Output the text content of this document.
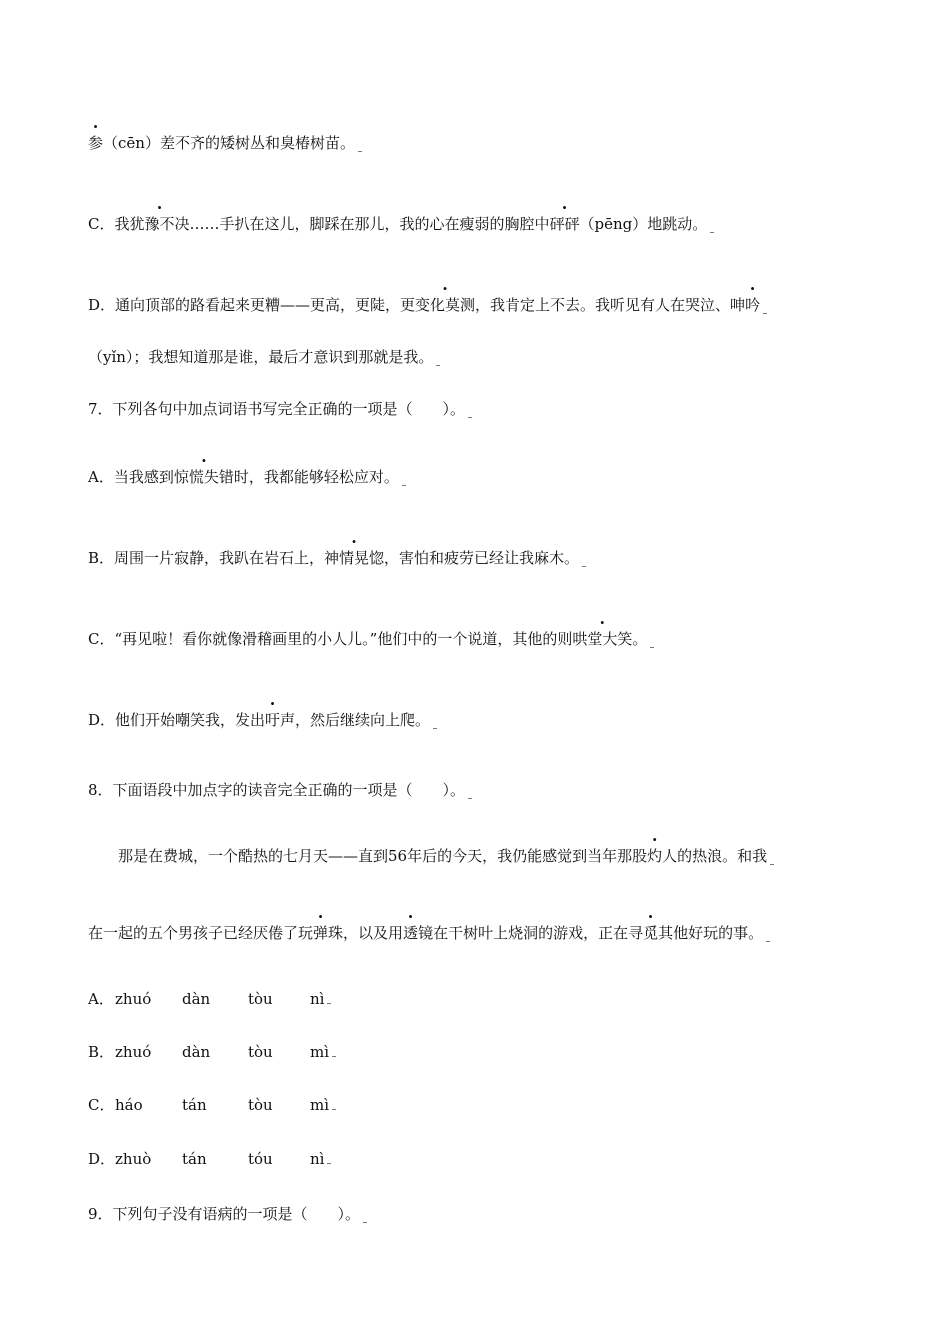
参（cēn）差不齐的矮树丛和臭椿树苗。
C．我犹豫不决……手扒在这儿，脚踩在那儿，我的心在瘦弱的胸腔中砰砰（pēng）地跳动。
D．通向顶部的路看起来更糟——更高，更陡，更变化莫测，我肯定上不去。我听见有人在哭泣、呻吟
（yǐn）；我想知道那是谁，最后才意识到那就是我。
7．下列各句中加点词语书写完全正确的一项是（　　）。
A．当我感到惊慌失错时，我都能够轻松应对。
B．周围一片寂静，我趴在岩石上，神情晃惚，害怕和疲劳已经让我麻木。
C．“再见啦！看你就像滑稽画里的小人儿。”他们中的一个说道，其他的则哄堂大笑。
D．他们开始嘲笑我，发出吁声，然后继续向上爬。
8．下面语段中加点字的读音完全正确的一项是（　　）。
那是在费城，一个酷热的七月天——直到56年后的今天，我仍能感觉到当年那股灼人的热浪。和我
在一起的五个男孩子已经厌倦了玩弹珠，以及用透镜在干树叶上烧洞的游戏，正在寻觅其他好玩的事。
A． zhuó	dàn	tòu	nì
B． zhuó	dàn	tòu	mì
C． háo	tán	tòu	mì
D． zhuò	tán	tóu	nì
9．下列句子没有语病的一项是（　　）。
